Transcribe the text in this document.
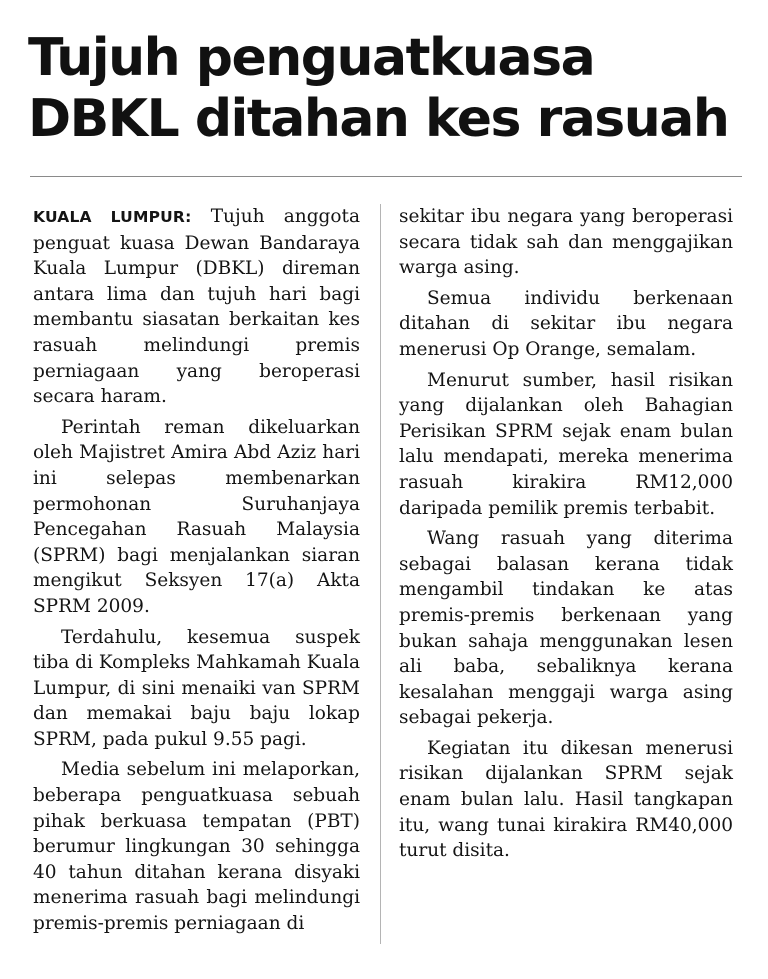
Tujuh penguatkuasa
DBKL ditahan kes rasuah

KUALA LUMPUR: Tujuh anggota penguat kuasa Dewan Bandaraya Kuala Lumpur (DBKL) direman antara lima dan tujuh hari bagi membantu siasatan berkaitan kes rasuah melindungi premis perniagaan yang beroperasi secara haram.

Perintah reman dikeluarkan oleh Majistret Amira Abd Aziz hari ini selepas membenarkan permohonan Suruhanjaya Pencegahan Rasuah Malaysia (SPRM) bagi menjalankan siaran mengikut Seksyen 17(a) Akta SPRM 2009.

Terdahulu, kesemua suspek tiba di Kompleks Mahkamah Kuala Lumpur, di sini menaiki van SPRM dan memakai baju baju lokap SPRM, pada pukul 9.55 pagi.

Media sebelum ini melaporkan, beberapa penguatkuasa sebuah pihak berkuasa tempatan (PBT) berumur lingkungan 30 sehingga 40 tahun ditahan kerana disyaki menerima rasuah bagi melindungi premis-premis perniagaan di

sekitar ibu negara yang beroperasi secara tidak sah dan menggajikan warga asing.

Semua individu berkenaan ditahan di sekitar ibu negara menerusi Op Orange, semalam.

Menurut sumber, hasil risikan yang dijalankan oleh Bahagian Perisikan SPRM sejak enam bulan lalu mendapati, mereka menerima rasuah kirakira RM12,000 daripada pemilik premis terbabit.

Wang rasuah yang diterima sebagai balasan kerana tidak mengambil tindakan ke atas premis-premis berkenaan yang bukan sahaja menggunakan lesen ali baba, sebaliknya kerana kesalahan menggaji warga asing sebagai pekerja.

Kegiatan itu dikesan menerusi risikan dijalankan SPRM sejak enam bulan lalu. Hasil tangkapan itu, wang tunai kirakira RM40,000 turut disita.
